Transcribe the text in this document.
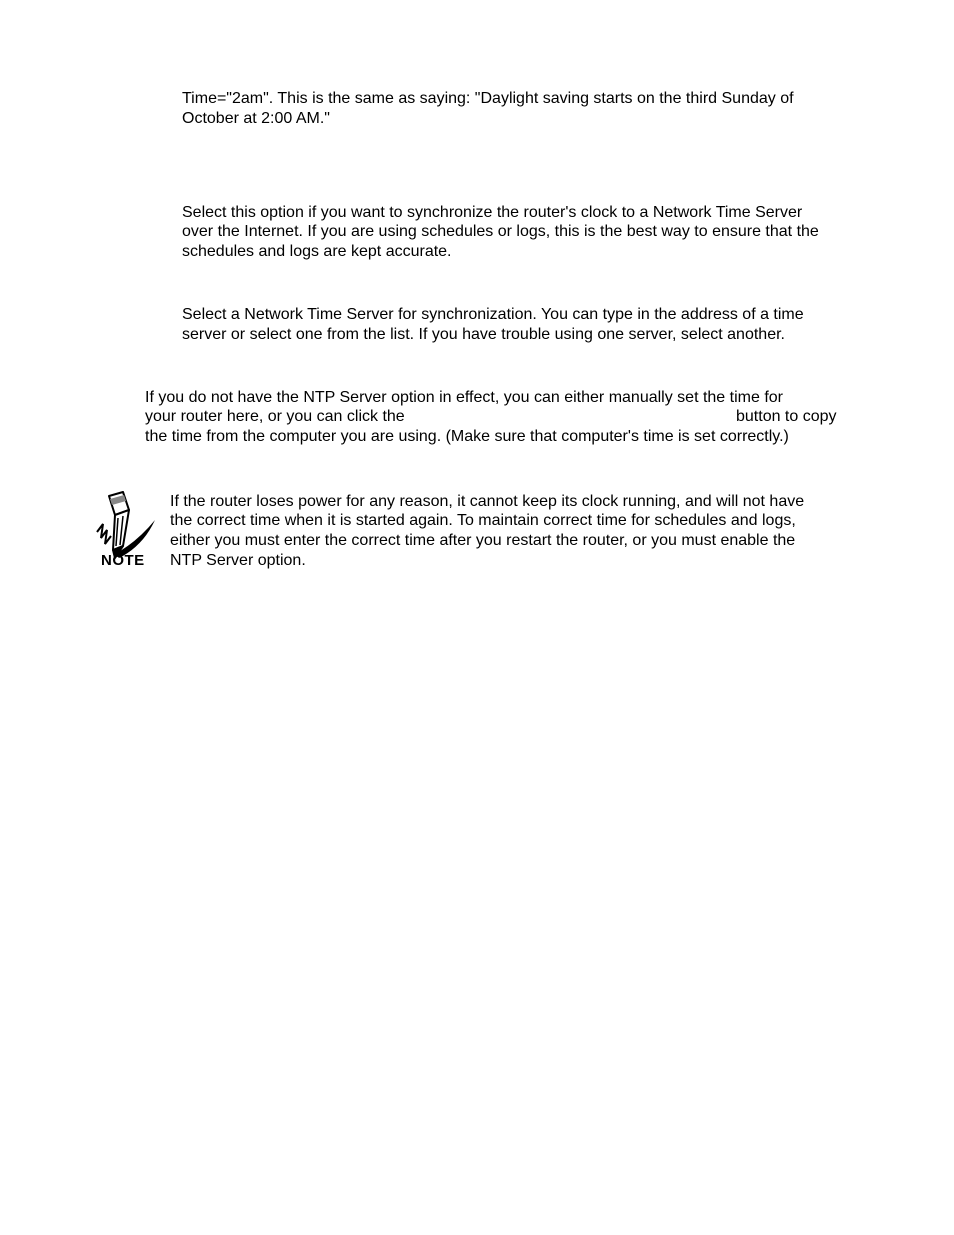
Time="2am". This is the same as saying: "Daylight saving starts on the third Sunday of
October at 2:00 AM."
Select this option if you want to synchronize the router's clock to a Network Time Server
over the Internet. If you are using schedules or logs, this is the best way to ensure that the
schedules and logs are kept accurate.
Select a Network Time Server for synchronization. You can type in the address of a time
server or select one from the list. If you have trouble using one server, select another.
If you do not have the NTP Server option in effect, you can either manually set the time for
your router here, or you can click the	button to copy
the time from the computer you are using. (Make sure that computer's time is set correctly.)
NOTE
If the router loses power for any reason, it cannot keep its clock running, and will not have
the correct time when it is started again. To maintain correct time for schedules and logs,
either you must enter the correct time after you restart the router, or you must enable the
NTP Server option.
